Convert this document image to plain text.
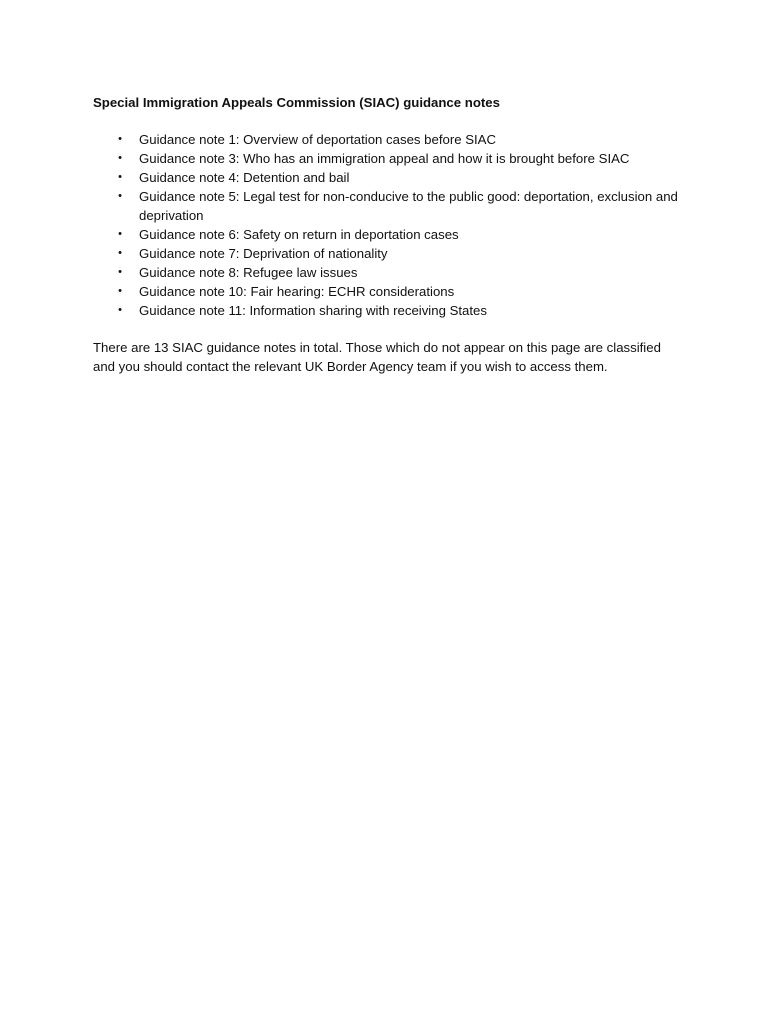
Special Immigration Appeals Commission (SIAC) guidance notes

• Guidance note 1: Overview of deportation cases before SIAC
• Guidance note 3: Who has an immigration appeal and how it is brought before SIAC
• Guidance note 4: Detention and bail
• Guidance note 5: Legal test for non-conducive to the public good: deportation, exclusion and deprivation
• Guidance note 6: Safety on return in deportation cases
• Guidance note 7: Deprivation of nationality
• Guidance note 8: Refugee law issues
• Guidance note 10: Fair hearing: ECHR considerations
• Guidance note 11: Information sharing with receiving States

There are 13 SIAC guidance notes in total. Those which do not appear on this page are classified and you should contact the relevant UK Border Agency team if you wish to access them.
